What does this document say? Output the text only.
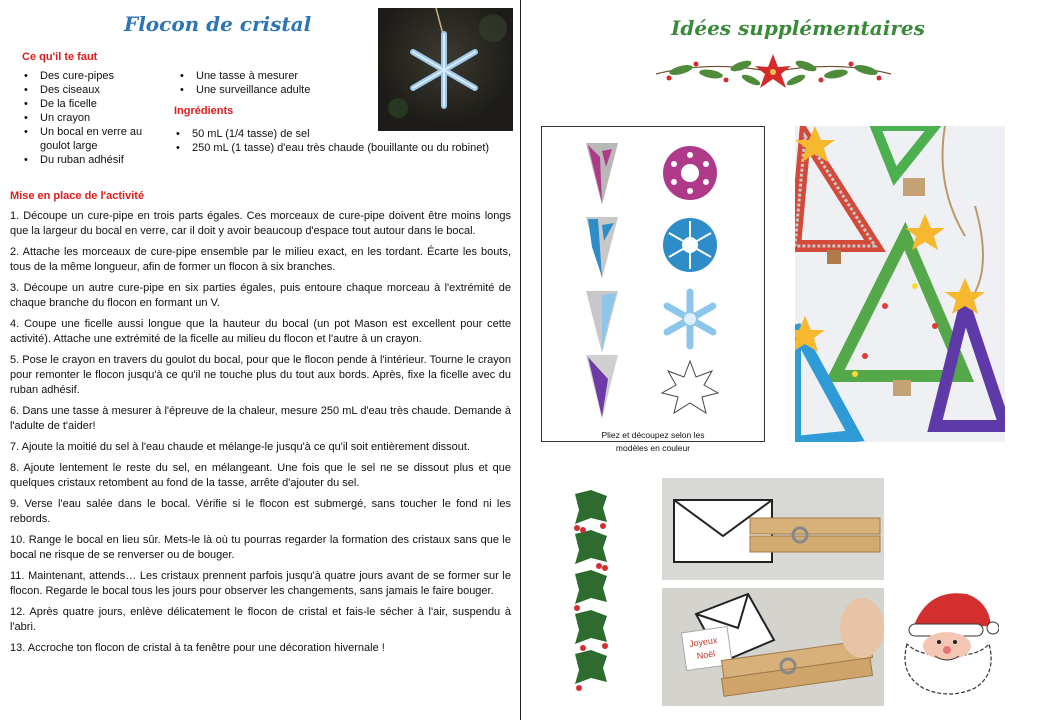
Flocon de cristal
Ce qu'il te faut
• Des cure-pipes
• Des ciseaux
• De la ficelle
• Un crayon
• Un bocal en verre au goulot large
• Du ruban adhésif
• Une tasse à mesurer
• Une surveillance adulte
Ingrédients
• 50 mL (1/4 tasse) de sel
• 250 mL (1 tasse) d'eau très chaude (bouillante ou du robinet)
Mise en place de l'activité

1. Découpe un cure-pipe en trois parts égales. Ces morceaux de cure-pipe doivent être moins longs que la largeur du bocal en verre, car il doit y avoir beaucoup d'espace tout autour dans le bocal.

2. Attache les morceaux de cure-pipe ensemble par le milieu exact, en les tordant. Écarte les bouts, tous de la même longueur, afin de former un flocon à six branches.

3. Découpe un autre cure-pipe en six parties égales, puis entoure chaque morceau à l'extrémité de chaque branche du flocon en formant un V.

4. Coupe une ficelle aussi longue que la hauteur du bocal (un pot Mason est excellent pour cette activité). Attache une extrémité de la ficelle au milieu du flocon et l'autre à un crayon.

5. Pose le crayon en travers du goulot du bocal, pour que le flocon pende à l'intérieur. Tourne le crayon pour remonter le flocon jusqu'à ce qu'il ne touche plus du tout aux bords. Après, fixe la ficelle avec du ruban adhésif.

6. Dans une tasse à mesurer à l'épreuve de la chaleur, mesure 250 mL d'eau très chaude. Demande à l'adulte de t'aider!

7. Ajoute la moitié du sel à l'eau chaude et mélange-le jusqu'à ce qu'il soit entièrement dissout.

8. Ajoute lentement le reste du sel, en mélangeant. Une fois que le sel ne se dissout plus et que quelques cristaux retombent au fond de la tasse, arrête d'ajouter du sel.

9. Verse l'eau salée dans le bocal. Vérifie si le flocon est submergé, sans toucher le fond ni les rebords.

10. Range le bocal en lieu sûr. Mets-le là où tu pourras regarder la formation des cristaux sans que le bocal ne risque de se renverser ou de bouger.

11. Maintenant, attends… Les cristaux prennent parfois jusqu'à quatre jours avant de se former sur le flocon. Regarde le bocal tous les jours pour observer les changements, sans jamais le faire bouger.

12. Après quatre jours, enlève délicatement le flocon de cristal et fais-le sécher à l'air, suspendu à l'abri.

13. Accroche ton flocon de cristal à ta fenêtre pour une décoration hivernale !

Idées supplémentaires
Pliez et découpez selon les
modèles en couleur
Joyeux
Noël
